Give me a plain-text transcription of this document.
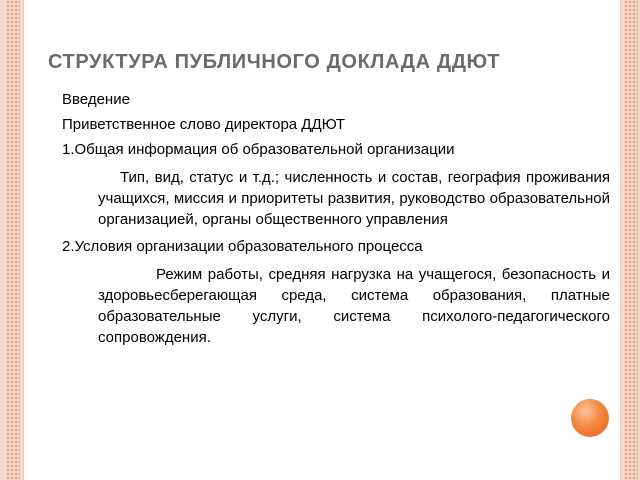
СТРУКТУРА ПУБЛИЧНОГО ДОКЛАДА ДДЮТ
Введение
Приветственное слово директора ДДЮТ
1.Общая информация об образовательной организации
Тип, вид, статус и т.д.; численность и состав, география проживания учащихся, миссия и приоритеты развития, руководство образовательной организацией, органы общественного управления
2.Условия организации образовательного процесса
Режим работы, средняя нагрузка на учащегося, безопасность и здоровьесберегающая среда, система образования, платные образовательные услуги, система психолого-педагогического сопровождения.
